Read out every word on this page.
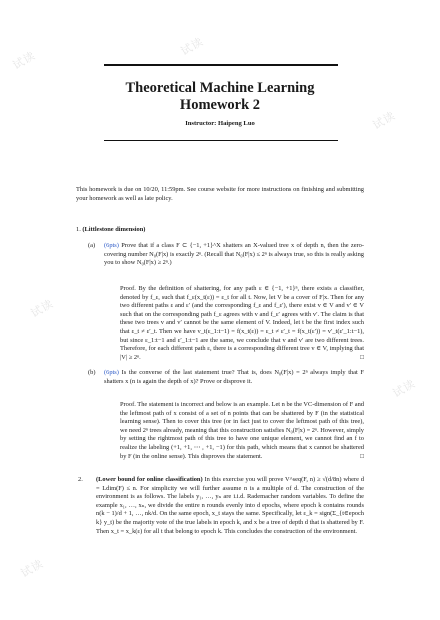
试读
试读
试读
试读
试读
试读
Theoretical Machine Learning
Homework 2
Instructor: Haipeng Luo
This homework is due on 10/20, 11:59pm. See course website for more instructions on finishing and submitting your homework as well as late policy.
1. (Littlestone dimension)
(a) (6pts) Prove that if a class F ⊂ {−1, +1}^X shatters an X-valued tree x of depth n, then the zero-covering number N₀(F|x) is exactly 2ⁿ. (Recall that N₀(F|x) ≤ 2ⁿ is always true, so this is really asking you to show N₀(F|x) ≥ 2ⁿ.)
Proof. By the definition of shattering, for any path ε ∈ {−1, +1}ⁿ, there exists a classifier, denoted by f_ε, such that f_ε(x_t(ε)) = ε_t for all t. Now, let V be a cover of F|x. Then for any two different paths ε and ε′ (and the corresponding f_ε and f_ε′), there exist v ∈ V and v′ ∈ V such that on the corresponding path f_ε agrees with v and f_ε′ agrees with v′. The claim is that these two trees v and v′ cannot be the same element of V. Indeed, let t be the first index such that ε_t ≠ ε′_t. Then we have v_t(ε_1:t−1) = f(x_t(ε)) = ε_t ≠ ε′_t = f(x_t(ε′)) = v′_t(ε′_1:t−1), but since ε_1:t−1 and ε′_1:t−1 are the same, we conclude that v and v′ are two different trees. Therefore, for each different path ε, there is a corresponding different tree v ∈ V, implying that |V| ≥ 2ⁿ.	□
(b) (6pts) Is the converse of the last statement true? That is, does N₀(F|x) = 2ⁿ always imply that F shatters x (n is again the depth of x)? Prove or disprove it.
Proof. The statement is incorrect and below is an example. Let n be the VC-dimension of F and the leftmost path of x consist of a set of n points that can be shattered by F (in the statistical learning sense). Then to cover this tree (or in fact just to cover the leftmost path of this tree), we need 2ⁿ trees already, meaning that this construction satisfies N₀(F|x) = 2ⁿ. However, simply by setting the rightmost path of this tree to have one unique element, we cannot find an f to realize the labeling (+1, +1, ⋯ , +1, −1) for this path, which means that x cannot be shattered by F (in the online sense). This disproves the statement.	□
2. (Lower bound for online classification) In this exercise you will prove V^seq(F, n) ≥ √(d/8n) where d = Ldim(F) ≤ n. For simplicity we will further assume n is a multiple of d. The construction of the environment is as follows. The labels y₁, …, yₙ are i.i.d. Rademacher random variables. To define the example x₁, …, xₙ, we divide the entire n rounds evenly into d epochs, where epoch k contains rounds n(k − 1)/d + 1, …, nk/d. On the same epoch, x_t stays the same. Specifically, let ε_k = sign(Σ_{t∈epoch k} y_t) be the majority vote of the true labels in epoch k, and x be a tree of depth d that is shattered by F. Then x_t = x_k(ε) for all t that belong to epoch k. This concludes the construction of the environment.
